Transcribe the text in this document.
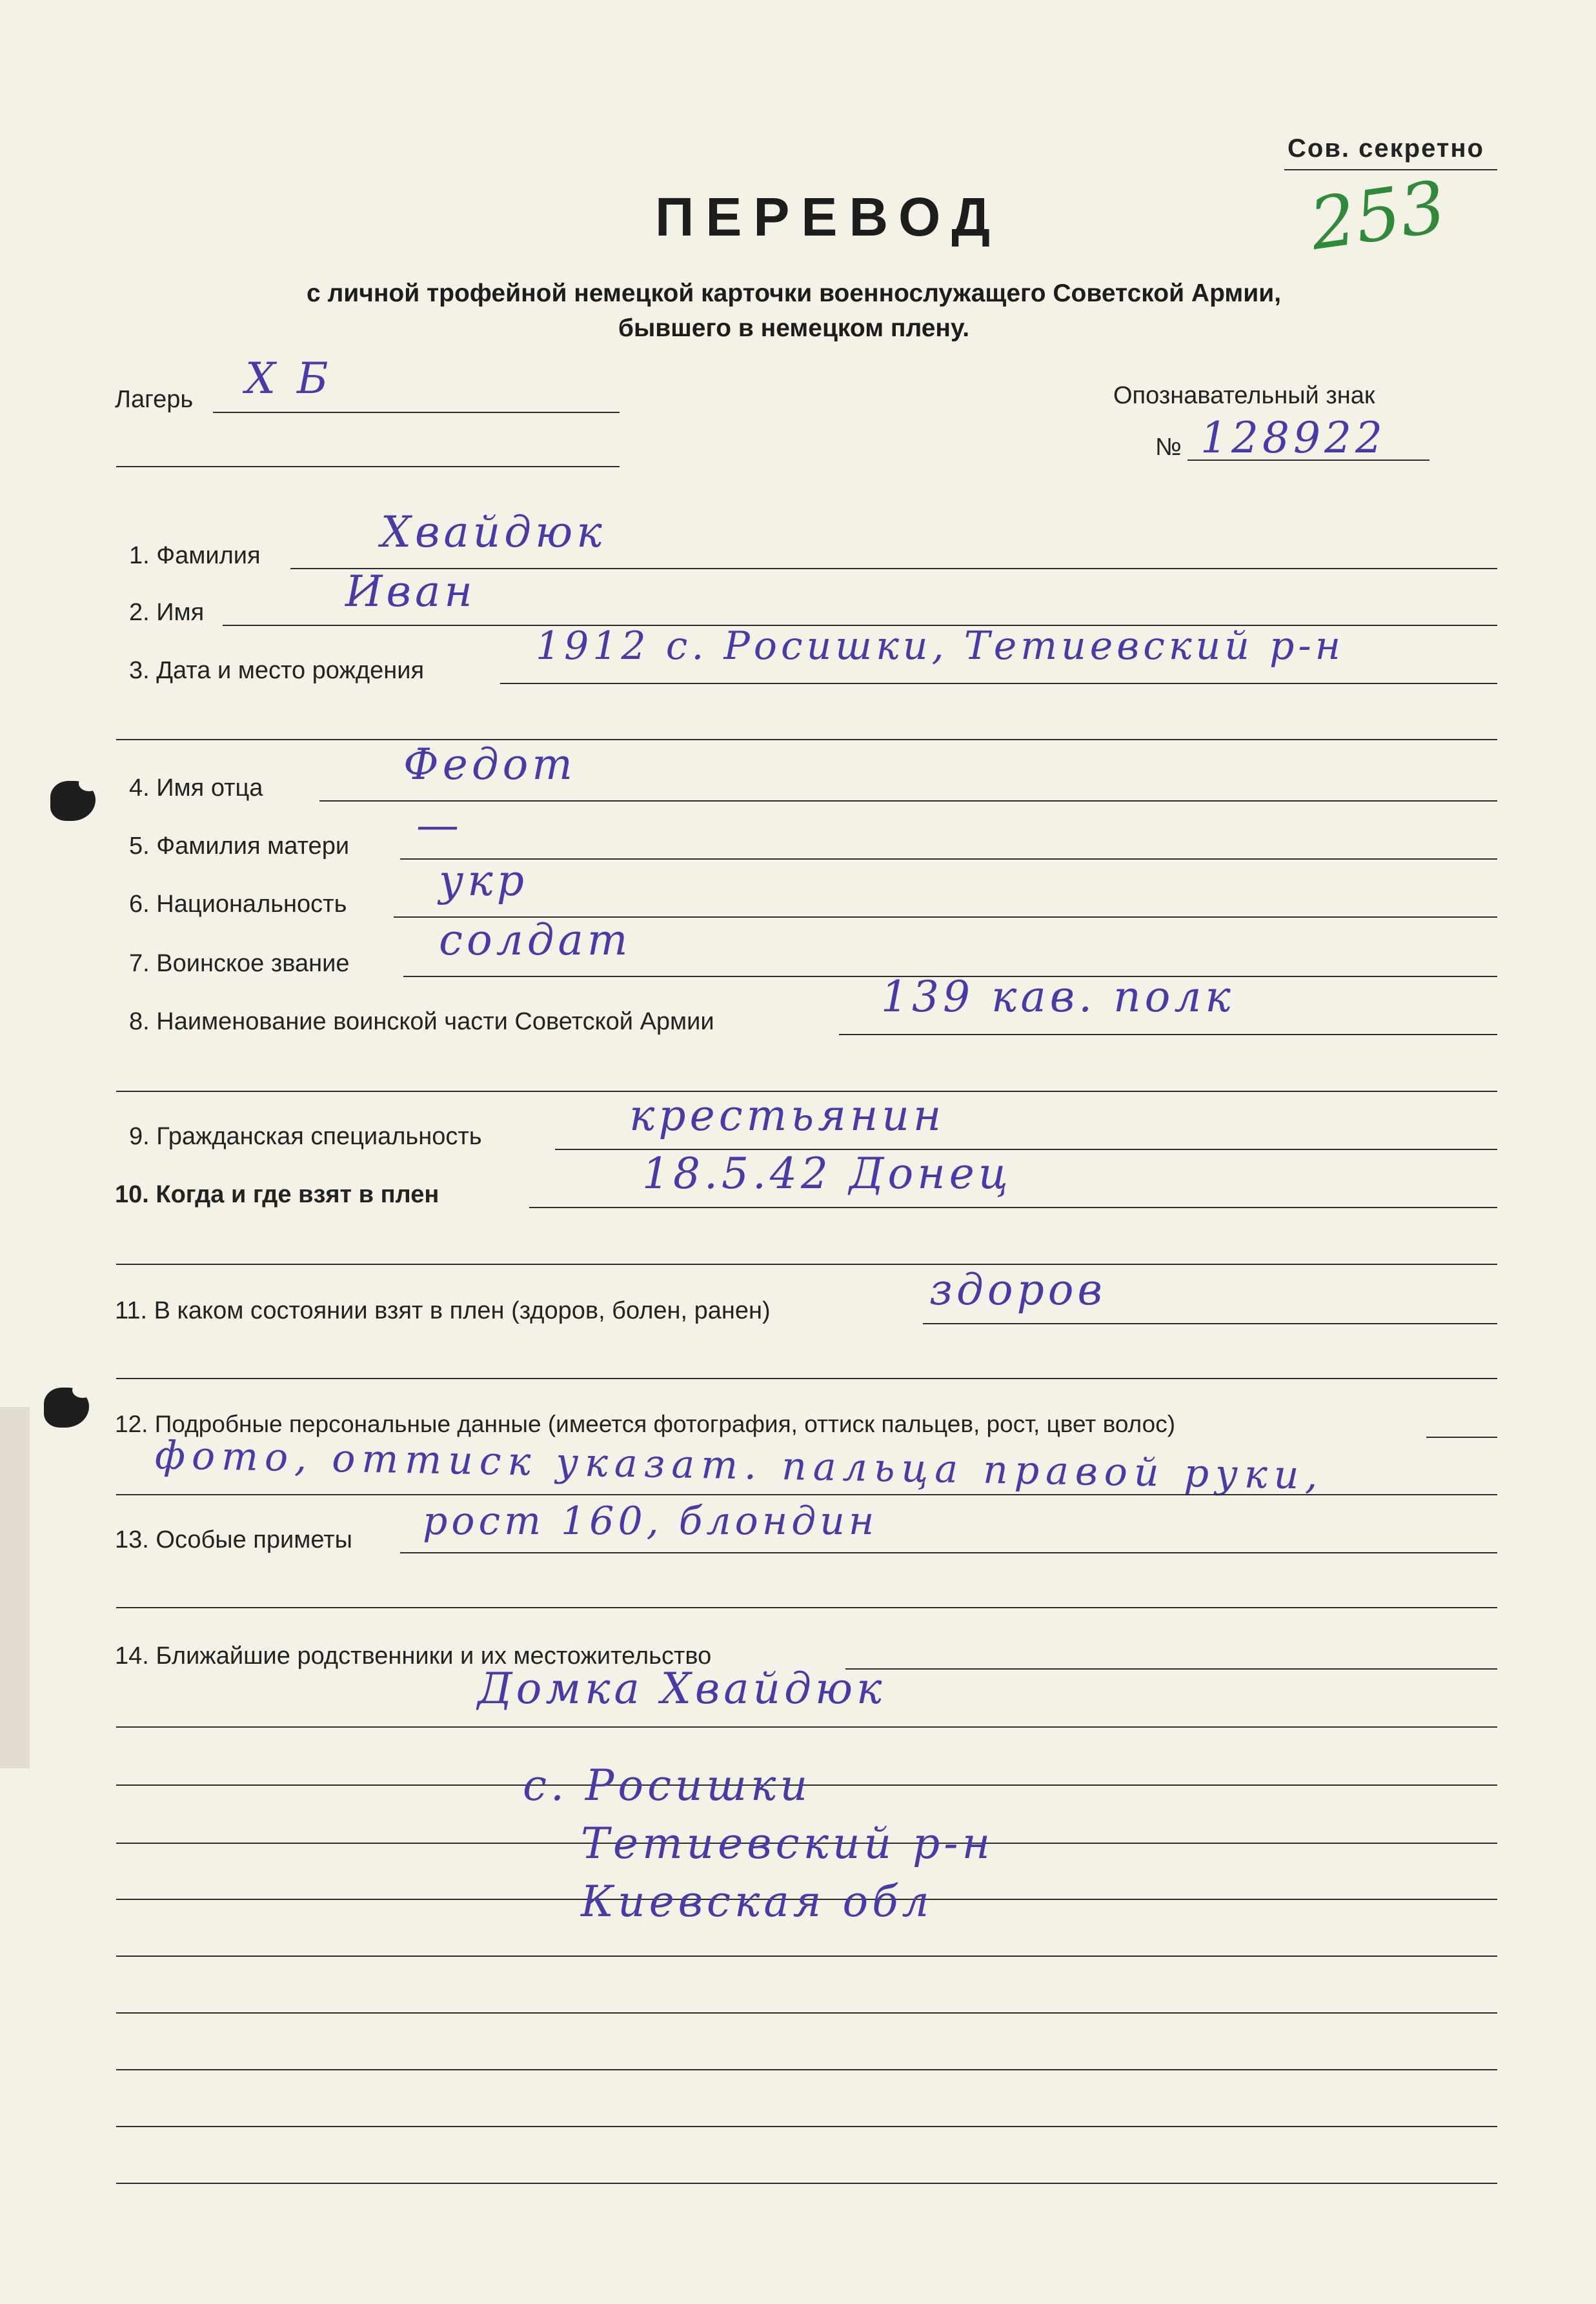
Сов. секретно
253
ПЕРЕВОД
с личной трофейной немецкой карточки военнослужащего Советской Армии,
бывшего в немецком плену.
Лагерь X Б	Опознавательный знак
№ 128922
1. Фамилия	Хвайдюк
2. Имя	Иван
3. Дата и место рождения
1912 с. Росишки, Тетиевский р-н
4. Имя отца	Федот
5. Фамилия матери —
6. Национальность укр
7. Воинское звание солдат
8. Наименование воинской части Советской Армии	139 кав. полк
9. Гражданская специальность	крестьянин
10. Когда и где взят в плен	18.5.42 Донец
11. В каком состоянии взят в плен (здоров, болен, ранен)	здоров
12. Подробные персональные данные (имеется фотография, оттиск пальцев, рост, цвет волос)
фото, оттиск указат. пальца правой руки,
13. Особые приметы рост 160, блондин
14. Ближайшие родственники и их местожительство
Домка Хвайдюк
с. Росишки
Тетиевский р-н
Киевская обл
